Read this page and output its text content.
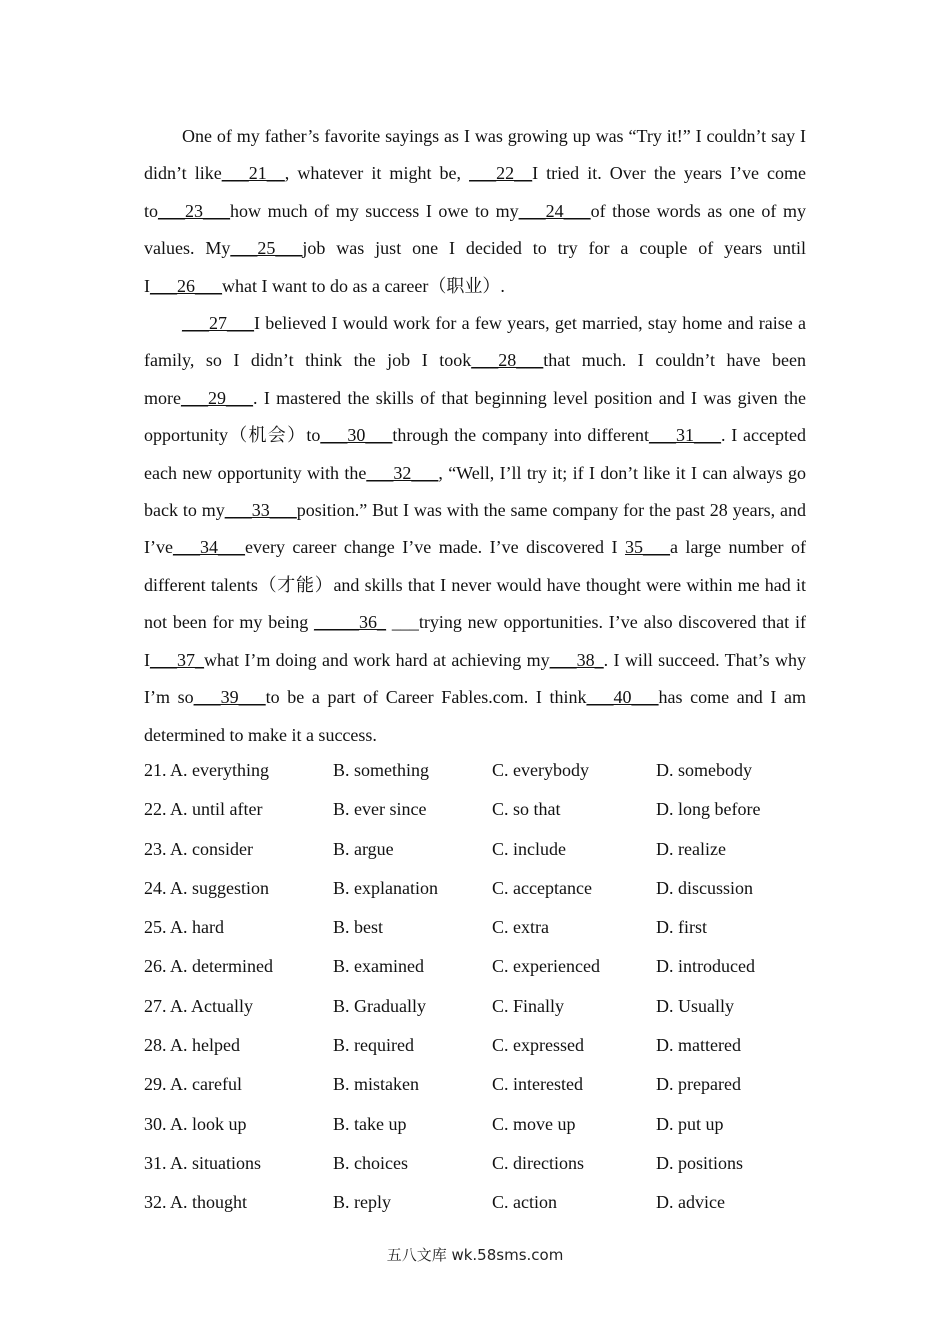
One of my father’s favorite sayings as I was growing up was “Try it!” I couldn’t say I didn’t like___21__, whatever it might be, ___22__I tried it. Over the years I’ve come to___23___how much of my success I owe to my___24___of those words as one of my values. My___25___job was just one I decided to try for a couple of years until I___26___what I want to do as a career（职业）.

___27___I believed I would work for a few years, get married, stay home and raise a family, so I didn’t think the job I took___28___that much. I couldn’t have been more___29___. I mastered the skills of that beginning level position and I was given the opportunity（机会）to___30___through the company into different___31___. I accepted each new opportunity with the___32___, “Well, I’ll try it; if I don’t like it I can always go back to my___33___position.” But I was with the same company for the past 28 years, and I’ve___34___every career change I’ve made. I’ve discovered I 35___a large number of different talents（才能）and skills that I never would have thought were within me had it not been for my being _____36_ ___trying new opportunities. I’ve also discovered that if I___37_what I’m doing and work hard at achieving my___38_. I will succeed. That’s why I’m so___39___to be a part of Career Fables.com. I think___40___has come and I am determined to make it a success.

21. A. everything	B. something	C. everybody	D. somebody
22. A. until after	B. ever since	C. so that	D. long before
23. A. consider	B. argue	C. include	D. realize
24. A. suggestion	B. explanation	C. acceptance	D. discussion
25. A. hard	B. best	C. extra	D. first
26. A. determined	B. examined	C. experienced	D. introduced
27. A. Actually	B. Gradually	C. Finally	D. Usually
28. A. helped	B. required	C. expressed	D. mattered
29. A. careful	B. mistaken	C. interested	D. prepared
30. A. look up	B. take up	C. move up	D. put up
31. A. situations	B. choices	C. directions	D. positions
32. A. thought	B. reply	C. action	D. advice
五八文库 wk.58sms.com
